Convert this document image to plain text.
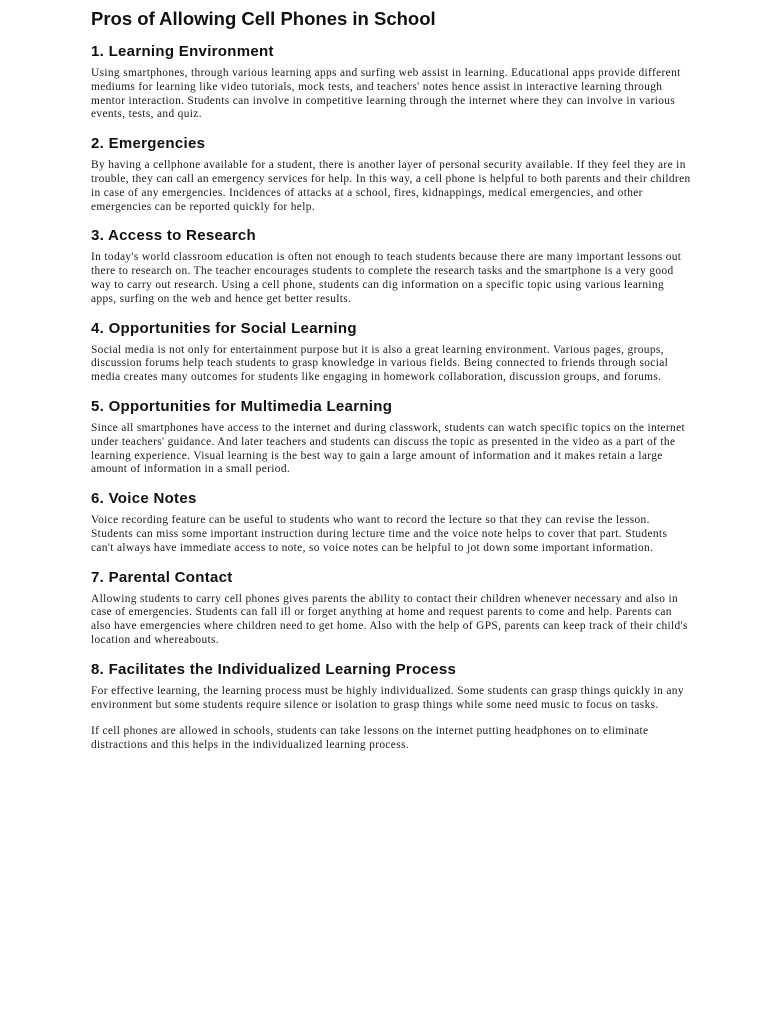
Pros of Allowing Cell Phones in School
1. Learning Environment

Using smartphones, through various learning apps and surfing web assist in learning. Educational apps provide different mediums for learning like video tutorials, mock tests, and teachers' notes hence assist in interactive learning through mentor interaction. Students can involve in competitive learning through the internet where they can involve in various events, tests, and quiz.

2. Emergencies

By having a cellphone available for a student, there is another layer of personal security available. If they feel they are in trouble, they can call an emergency services for help. In this way, a cell phone is helpful to both parents and their children in case of any emergencies. Incidences of attacks at a school, fires, kidnappings, medical emergencies, and other emergencies can be reported quickly for help.

3. Access to Research

In today's world classroom education is often not enough to teach students because there are many important lessons out there to research on. The teacher encourages students to complete the research tasks and the smartphone is a very good way to carry out research. Using a cell phone, students can dig information on a specific topic using various learning apps, surfing on the web and hence get better results.

4. Opportunities for Social Learning

Social media is not only for entertainment purpose but it is also a great learning environment. Various pages, groups, discussion forums help teach students to grasp knowledge in various fields. Being connected to friends through social media creates many outcomes for students like engaging in homework collaboration, discussion groups, and forums.

5. Opportunities for Multimedia Learning

Since all smartphones have access to the internet and during classwork, students can watch specific topics on the internet under teachers' guidance. And later teachers and students can discuss the topic as presented in the video as a part of the learning experience. Visual learning is the best way to gain a large amount of information and it makes retain a large amount of information in a small period.

6. Voice Notes

Voice recording feature can be useful to students who want to record the lecture so that they can revise the lesson. Students can miss some important instruction during lecture time and the voice note helps to cover that part. Students can't always have immediate access to note, so voice notes can be helpful to jot down some important information.

7. Parental Contact

Allowing students to carry cell phones gives parents the ability to contact their children whenever necessary and also in case of emergencies. Students can fall ill or forget anything at home and request parents to come and help. Parents can also have emergencies where children need to get home. Also with the help of GPS, parents can keep track of their child's location and whereabouts.

8. Facilitates the Individualized Learning Process

For effective learning, the learning process must be highly individualized. Some students can grasp things quickly in any environment but some students require silence or isolation to grasp things while some need music to focus on tasks.

If cell phones are allowed in schools, students can take lessons on the internet putting headphones on to eliminate distractions and this helps in the individualized learning process.
